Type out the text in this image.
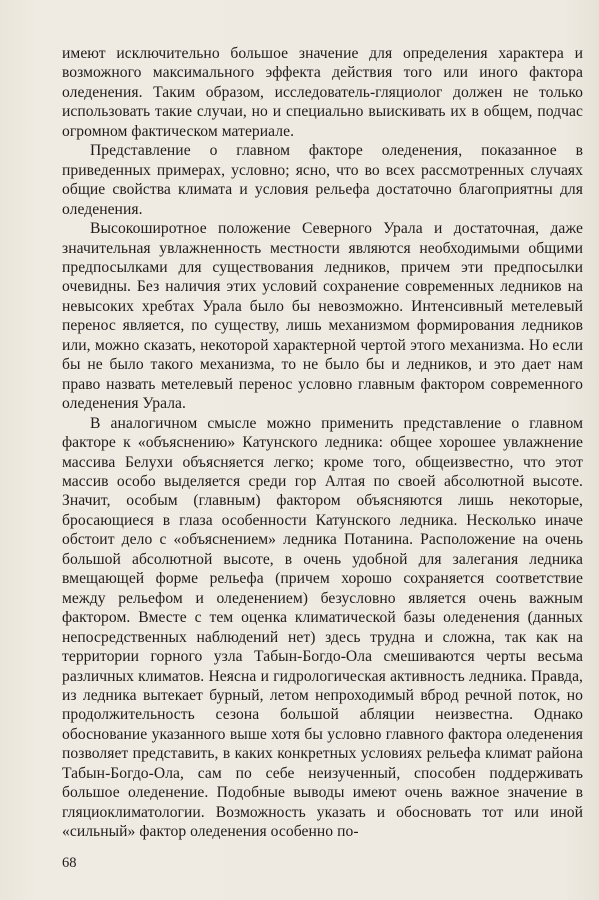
имеют исключительно большое значение для определения характера и возможного максимального эффекта действия того или иного фактора оледенения. Таким образом, исследователь-гляциолог должен не только использовать такие случаи, но и специально выискивать их в общем, подчас огромном фактическом материале.

Представление о главном факторе оледенения, показанное в приведенных примерах, условно; ясно, что во всех рассмотренных случаях общие свойства климата и условия рельефа достаточно благоприятны для оледенения.

Высокоширотное положение Северного Урала и достаточная, даже значительная увлажненность местности являются необходимыми общими предпосылками для существования ледников, причем эти предпосылки очевидны. Без наличия этих условий сохранение современных ледников на невысоких хребтах Урала было бы невозможно. Интенсивный метелевый перенос является, по существу, лишь механизмом формирования ледников или, можно сказать, некоторой характерной чертой этого механизма. Но если бы не было такого механизма, то не было бы и ледников, и это дает нам право назвать метелевый перенос условно главным фактором современного оледенения Урала.

В аналогичном смысле можно применить представление о главном факторе к «объяснению» Катунского ледника: общее хорошее увлажнение массива Белухи объясняется легко; кроме того, общеизвестно, что этот массив особо выделяется среди гор Алтая по своей абсолютной высоте. Значит, особым (главным) фактором объясняются лишь некоторые, бросающиеся в глаза особенности Катунского ледника. Несколько иначе обстоит дело с «объяснением» ледника Потанина. Расположение на очень большой абсолютной высоте, в очень удобной для залегания ледника вмещающей форме рельефа (причем хорошо сохраняется соответствие между рельефом и оледенением) безусловно является очень важным фактором. Вместе с тем оценка климатической базы оледенения (данных непосредственных наблюдений нет) здесь трудна и сложна, так как на территории горного узла Табын-Богдо-Ола смешиваются черты весьма различных климатов. Неясна и гидрологическая активность ледника. Правда, из ледника вытекает бурный, летом непроходимый вброд речной поток, но продолжительность сезона большой абляции неизвестна. Однако обоснование указанного выше хотя бы условно главного фактора оледенения позволяет представить, в каких конкретных условиях рельефа климат района Табын-Богдо-Ола, сам по себе неизученный, способен поддерживать большое оледенение. Подобные выводы имеют очень важное значение в гляциоклиматологии. Возможность указать и обосновать тот или иной «сильный» фактор оледенения особенно по-

68
